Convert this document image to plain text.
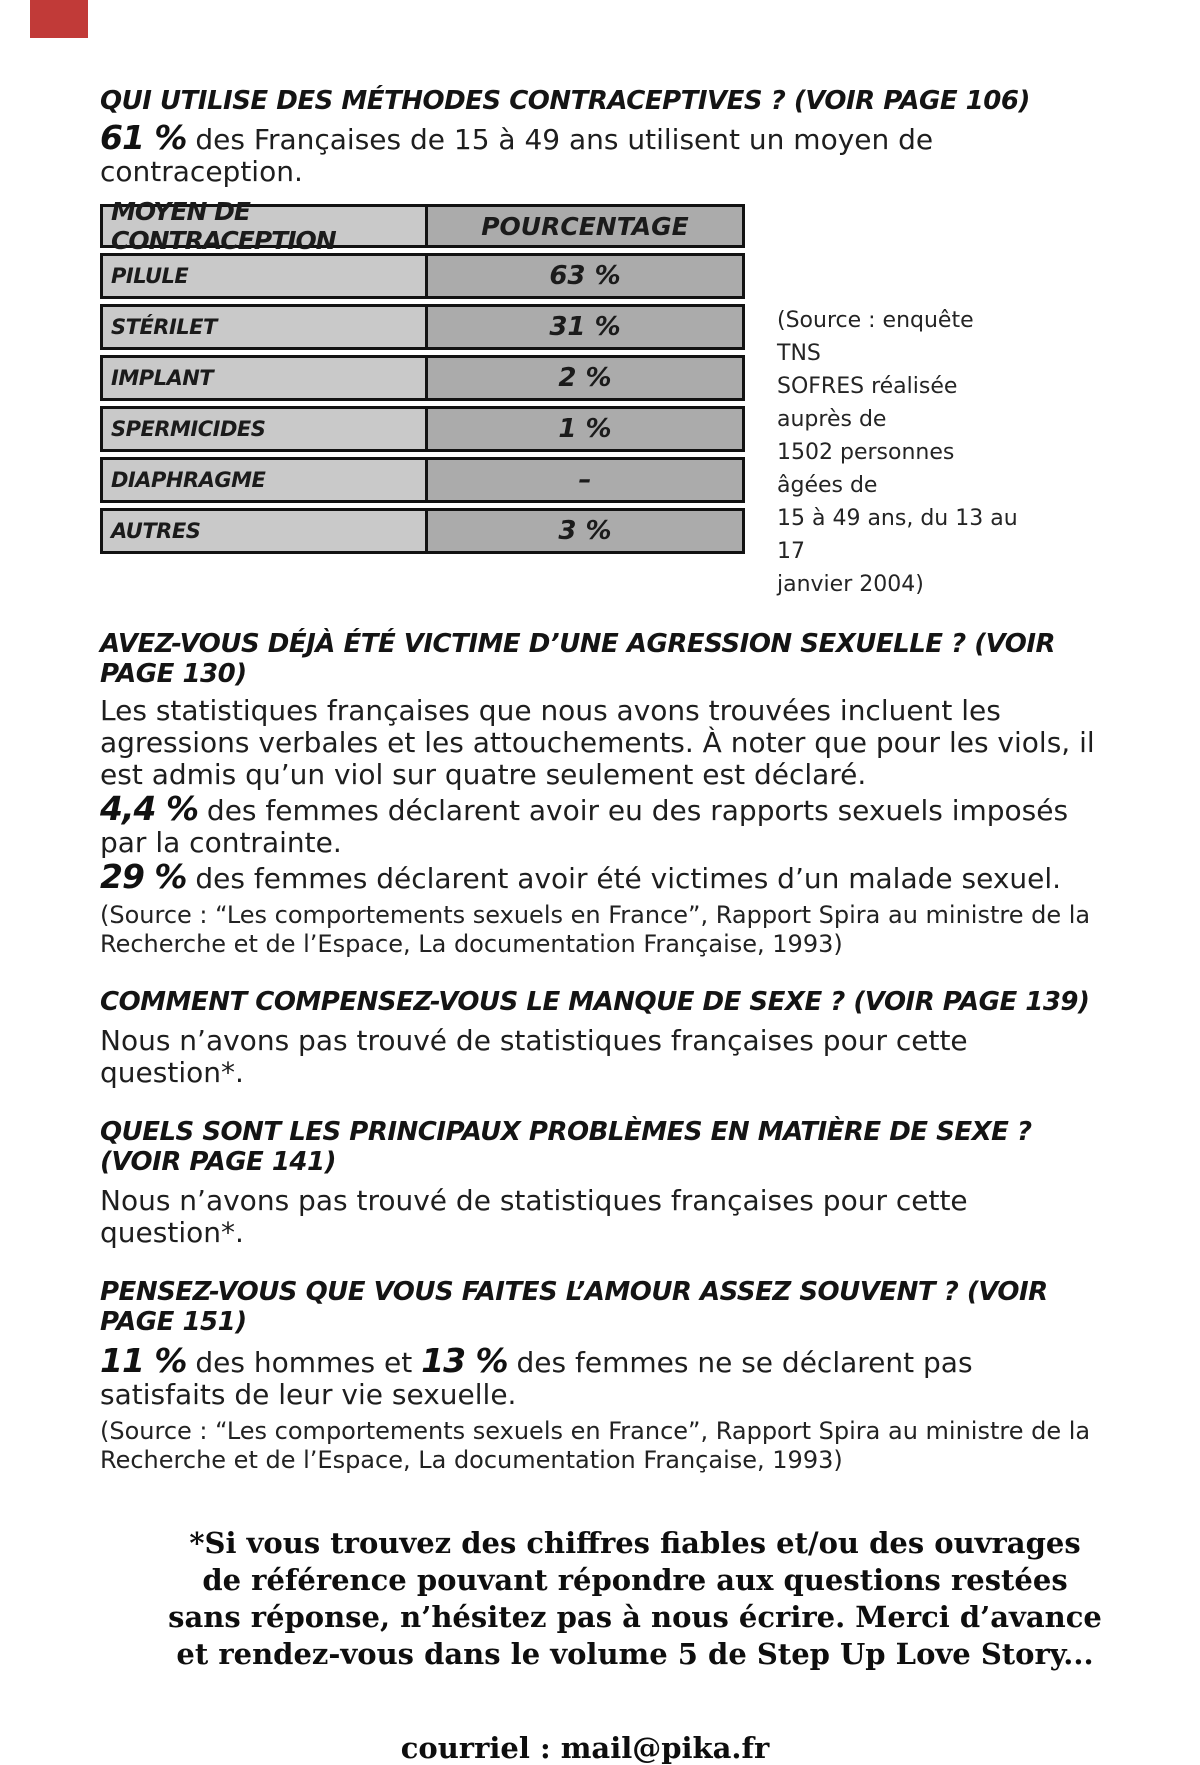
QUI UTILISE DES MÉTHODES CONTRACEPTIVES ? (VOIR PAGE 106)
61 % des Françaises de 15 à 49 ans utilisent un moyen de contraception.
MOYEN DE CONTRACEPTION	POURCENTAGE
PILULE	63 %
STÉRILET	31 %
IMPLANT	2 %
SPERMICIDES	1 %
DIAPHRAGME	–
AUTRES	3 %
(Source : enquête TNS
SOFRES réalisée auprès de
1502 personnes âgées de
15 à 49 ans, du 13 au 17
janvier 2004)
AVEZ-VOUS DÉJÀ ÉTÉ VICTIME D’UNE AGRESSION SEXUELLE ? (VOIR PAGE 130)
Les statistiques françaises que nous avons trouvées incluent les agressions verbales et les attouchements. À noter que pour les viols, il est admis qu’un viol sur quatre seulement est déclaré.
4,4 % des femmes déclarent avoir eu des rapports sexuels imposés par la contrainte.
29 % des femmes déclarent avoir été victimes d’un malade sexuel.
(Source : “Les comportements sexuels en France”, Rapport Spira au ministre de la Recherche et de l’Espace, La documentation Française, 1993)
COMMENT COMPENSEZ-VOUS LE MANQUE DE SEXE ? (VOIR PAGE 139)
Nous n’avons pas trouvé de statistiques françaises pour cette question*.
QUELS SONT LES PRINCIPAUX PROBLÈMES EN MATIÈRE DE SEXE ? (VOIR PAGE 141)
Nous n’avons pas trouvé de statistiques françaises pour cette question*.
PENSEZ-VOUS QUE VOUS FAITES L’AMOUR ASSEZ SOUVENT ? (VOIR PAGE 151)
11 % des hommes et 13 % des femmes ne se déclarent pas satisfaits de leur vie sexuelle.
(Source : “Les comportements sexuels en France”, Rapport Spira au ministre de la Recherche et de l’Espace, La documentation Française, 1993)
*Si vous trouvez des chiffres fiables et/ou des ouvrages
de référence pouvant répondre aux questions restées
sans réponse, n’hésitez pas à nous écrire. Merci d’avance
et rendez-vous dans le volume 5 de Step Up Love Story...
courriel : mail@pika.fr
